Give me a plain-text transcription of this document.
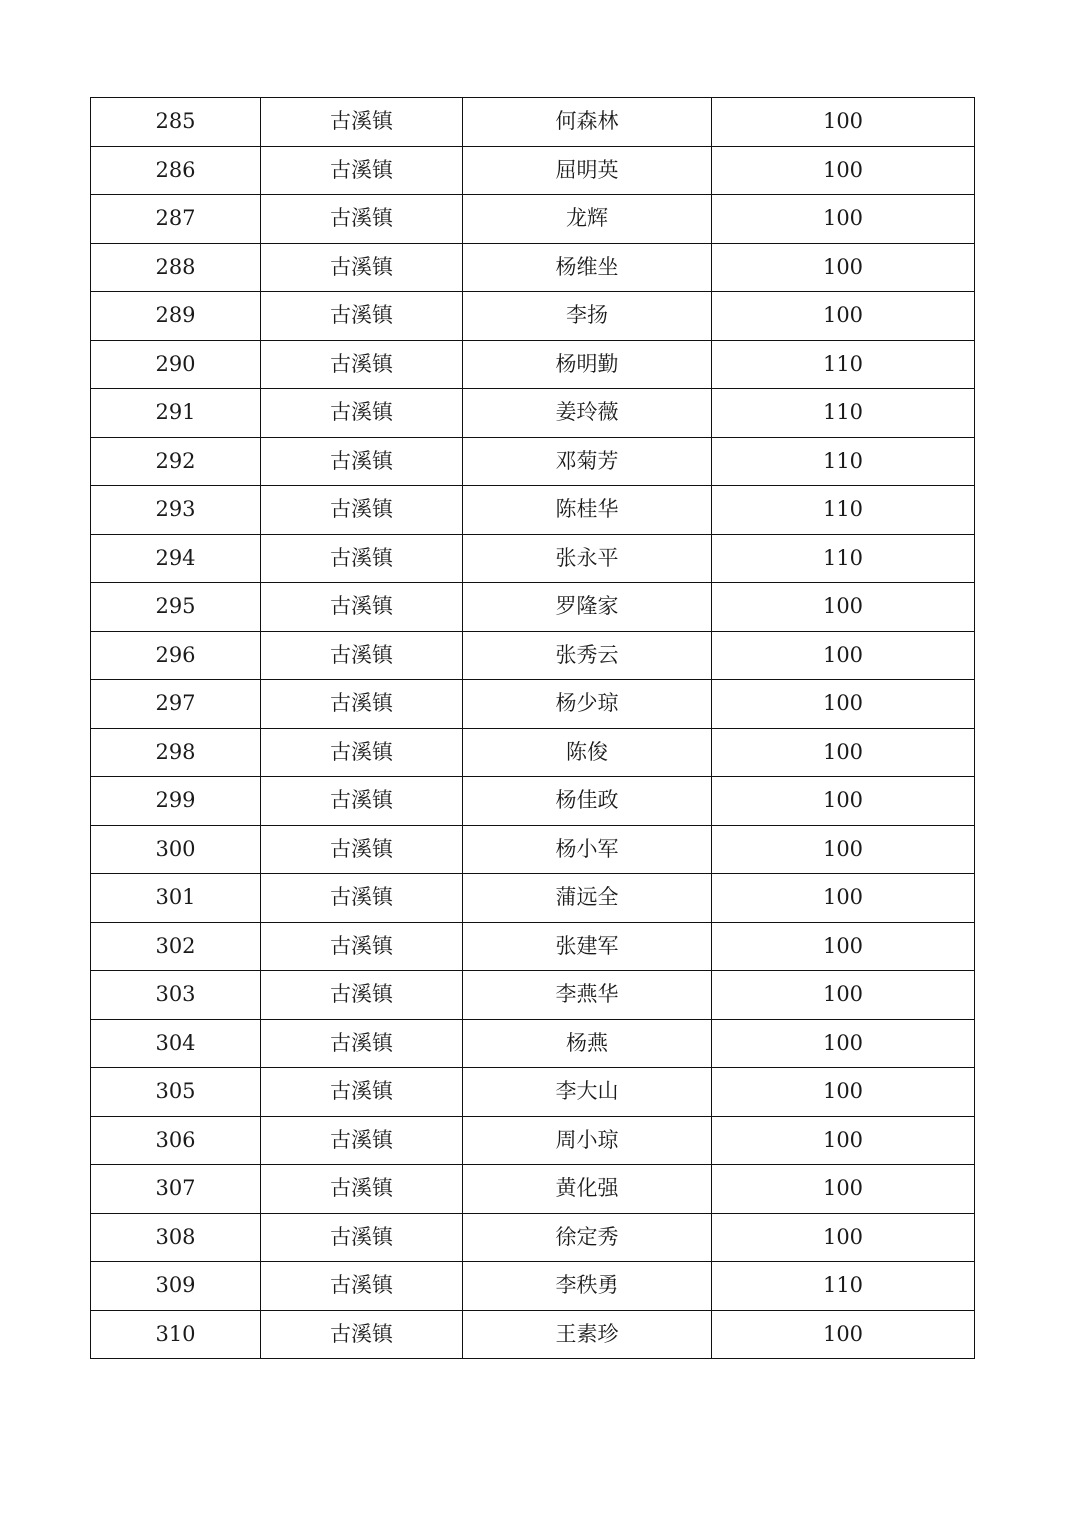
285	古溪镇	何森林	100
286	古溪镇	屈明英	100
287	古溪镇	龙辉	100
288	古溪镇	杨维坐	100
289	古溪镇	李扬	100
290	古溪镇	杨明勤	110
291	古溪镇	姜玲薇	110
292	古溪镇	邓菊芳	110
293	古溪镇	陈桂华	110
294	古溪镇	张永平	110
295	古溪镇	罗隆家	100
296	古溪镇	张秀云	100
297	古溪镇	杨少琼	100
298	古溪镇	陈俊	100
299	古溪镇	杨佳政	100
300	古溪镇	杨小军	100
301	古溪镇	蒲远全	100
302	古溪镇	张建军	100
303	古溪镇	李燕华	100
304	古溪镇	杨燕	100
305	古溪镇	李大山	100
306	古溪镇	周小琼	100
307	古溪镇	黄化强	100
308	古溪镇	徐定秀	100
309	古溪镇	李秩勇	110
310	古溪镇	王素珍	100
